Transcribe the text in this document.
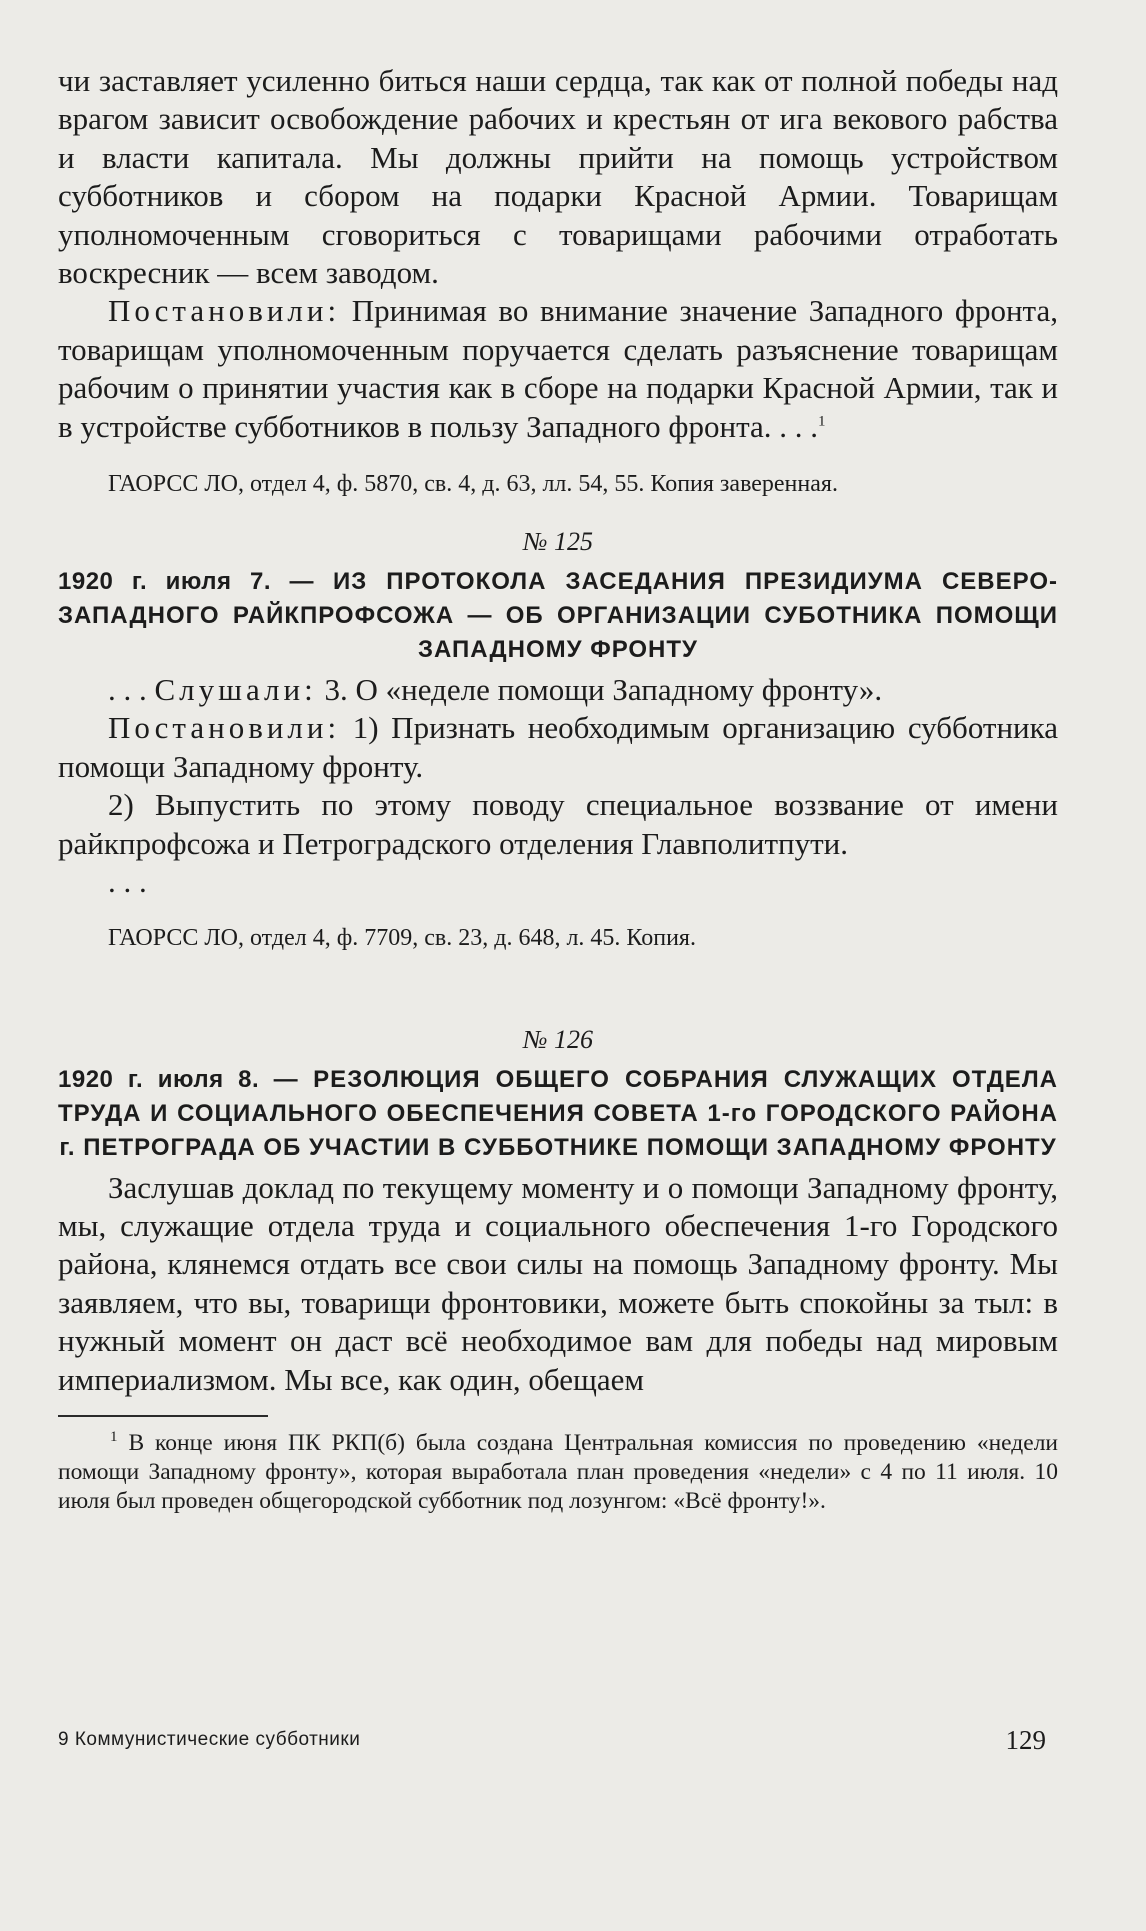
чи заставляет усиленно биться наши сердца, так как от полной победы над врагом зависит освобождение рабочих и крестьян от ига векового рабства и власти капитала. Мы должны прийти на помощь устройством субботников и сбором на подарки Красной Армии. Товарищам уполномоченным сговориться с товарищами рабочими отработать воскресник — всем заводом.

Постановили: Принимая во внимание значение Западного фронта, товарищам уполномоченным поручается сделать разъяснение товарищам рабочим о принятии участия как в сборе на подарки Красной Армии, так и в устройстве субботников в пользу Западного фронта. . . .$^1$

ГАОРСС ЛО, отдел 4, ф. 5870, св. 4, д. 63, лл. 54, 55. Копия заверенная.

№ 125

1920 г. июля 7. — ИЗ ПРОТОКОЛА ЗАСЕДАНИЯ ПРЕЗИДИУМА СЕВЕРО-ЗАПАДНОГО РАЙКПРОФСОЖА — ОБ ОРГАНИЗАЦИИ СУБОТНИКА ПОМОЩИ ЗАПАДНОМУ ФРОНТУ

. . . Слушали: 3. О «неделе помощи Западному фронту».

Постановили: 1) Признать необходимым организацию субботника помощи Западному фронту.

2) Выпустить по этому поводу специальное воззвание от имени райкпрофсожа и Петроградского отделения Главполитпути.

. . .

ГАОРСС ЛО, отдел 4, ф. 7709, св. 23, д. 648, л. 45. Копия.

№ 126

1920 г. июля 8. — РЕЗОЛЮЦИЯ ОБЩЕГО СОБРАНИЯ СЛУЖАЩИХ ОТДЕЛА ТРУДА И СОЦИАЛЬНОГО ОБЕСПЕЧЕНИЯ СОВЕТА 1-го ГОРОДСКОГО РАЙОНА г. ПЕТРОГРАДА ОБ УЧАСТИИ В СУББОТНИКЕ ПОМОЩИ ЗАПАДНОМУ ФРОНТУ

Заслушав доклад по текущему моменту и о помощи Западному фронту, мы, служащие отдела труда и социального обеспечения 1-го Городского района, клянемся отдать все свои силы на помощь Западному фронту. Мы заявляем, что вы, товарищи фронтовики, можете быть спокойны за тыл: в нужный момент он даст всё необходимое вам для победы над мировым империализмом. Мы все, как один, обещаем

$^1$ В конце июня ПК РКП(б) была создана Центральная комиссия по проведению «недели помощи Западному фронту», которая выработала план проведения «недели» с 4 по 11 июля. 10 июля был проведен общегородской субботник под лозунгом: «Всё фронту!».

9 Коммунистические субботники	129
